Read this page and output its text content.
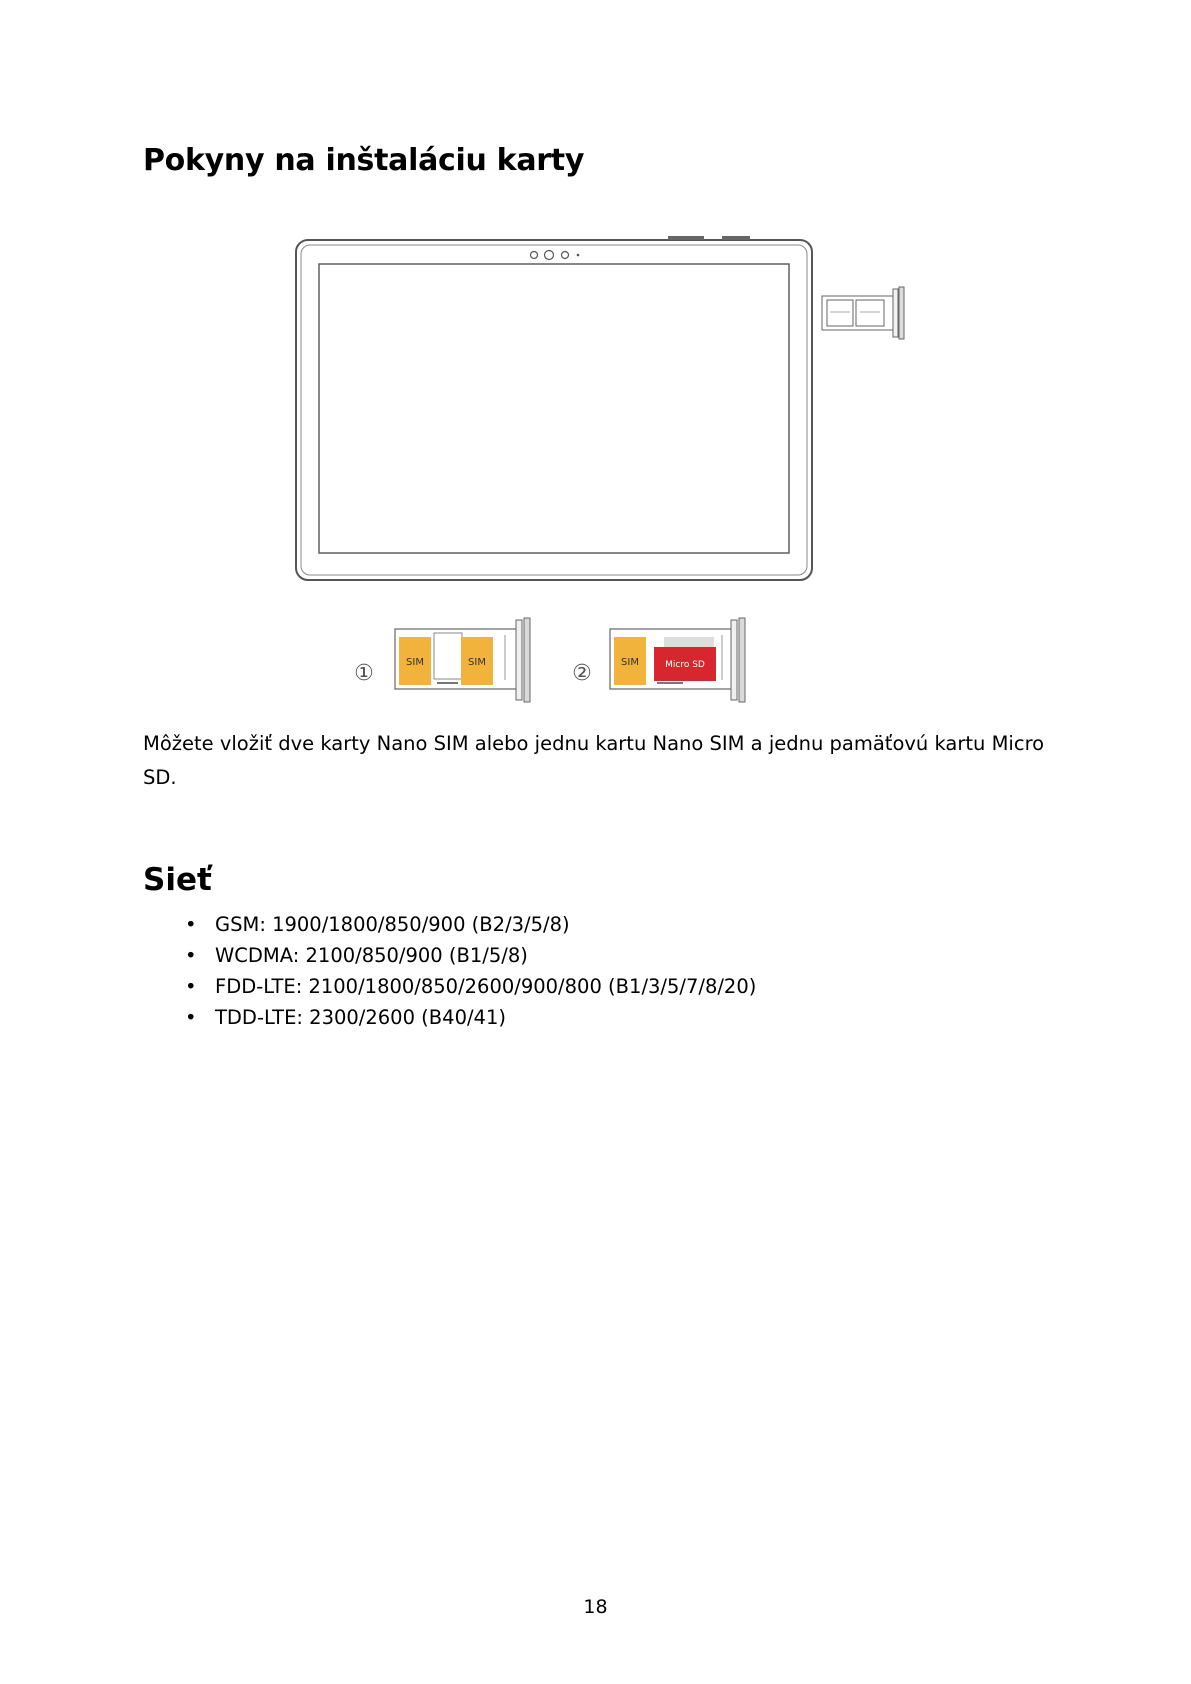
Pokyny na inštaláciu karty
①	②
SIM	SIM	SIM	Micro SD

Môžete vložiť dve karty Nano SIM alebo jednu kartu Nano SIM a jednu pamäťovú kartu Micro SD.

Sieť
• GSM: 1900/1800/850/900 (B2/3/5/8)
• WCDMA: 2100/850/900 (B1/5/8)
• FDD-LTE: 2100/1800/850/2600/900/800 (B1/3/5/7/8/20)
• TDD-LTE: 2300/2600 (B40/41)
18
